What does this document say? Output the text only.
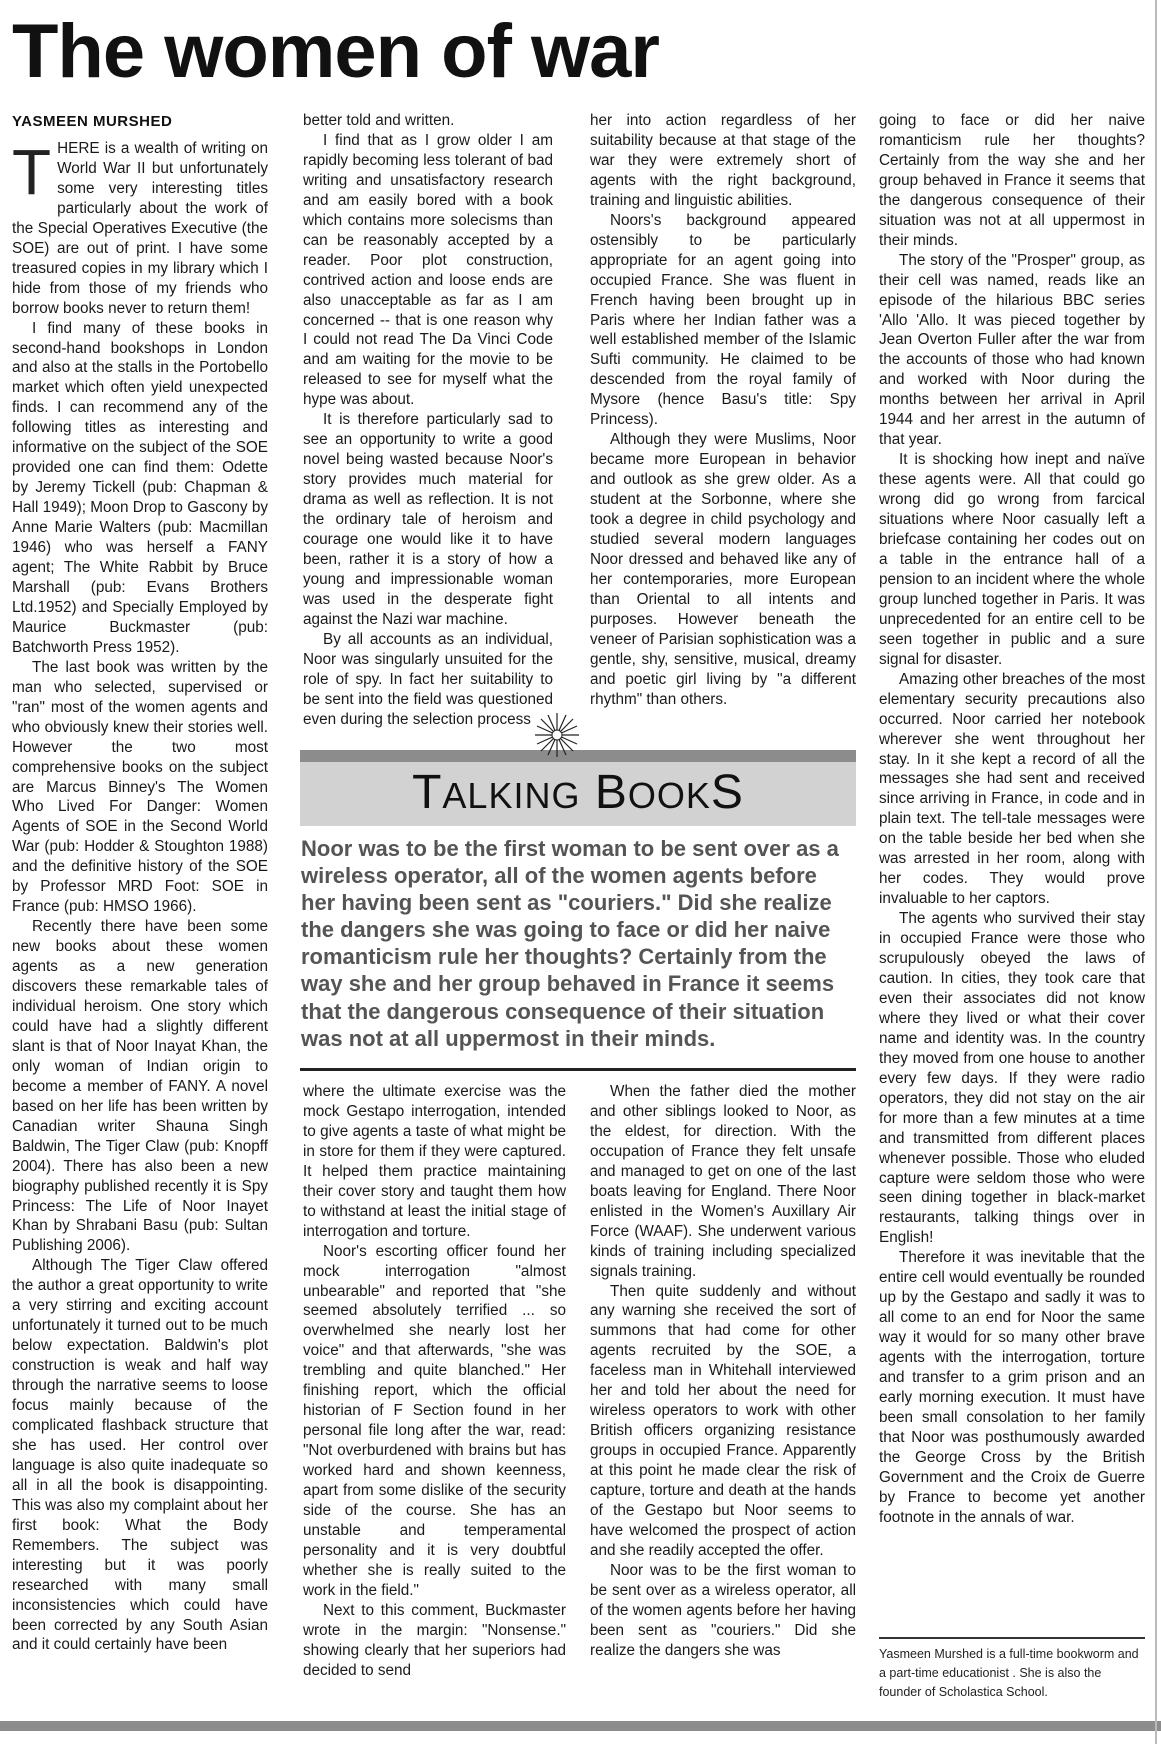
The women of war
YASMEEN MURSHED

THERE is a wealth of writing on World War II but unfortunately some very interesting titles particularly about the work of the Special Operatives Executive (the SOE) are out of print. I have some treasured copies in my library which I hide from those of my friends who borrow books never to return them!

I find many of these books in second-hand bookshops in London and also at the stalls in the Portobello market which often yield unexpected finds. I can recommend any of the following titles as interesting and informative on the subject of the SOE provided one can find them: Odette by Jeremy Tickell (pub: Chapman & Hall 1949); Moon Drop to Gascony by Anne Marie Walters (pub: Macmillan 1946) who was herself a FANY agent; The White Rabbit by Bruce Marshall (pub: Evans Brothers Ltd.1952) and Specially Employed by Maurice Buckmaster (pub: Batchworth Press 1952).

The last book was written by the man who selected, supervised or "ran" most of the women agents and who obviously knew their stories well. However the two most comprehensive books on the subject are Marcus Binney's The Women Who Lived For Danger: Women Agents of SOE in the Second World War (pub: Hodder & Stoughton 1988) and the definitive history of the SOE by Professor MRD Foot: SOE in France (pub: HMSO 1966).

Recently there have been some new books about these women agents as a new generation discovers these remarkable tales of individual heroism. One story which could have had a slightly different slant is that of Noor Inayat Khan, the only woman of Indian origin to become a member of FANY. A novel based on her life has been written by Canadian writer Shauna Singh Baldwin, The Tiger Claw (pub: Knopff 2004). There has also been a new biography published recently it is Spy Princess: The Life of Noor Inayet Khan by Shrabani Basu (pub: Sultan Publishing 2006).

Although The Tiger Claw offered the author a great opportunity to write a very stirring and exciting account unfortunately it turned out to be much below expectation. Baldwin's plot construction is weak and half way through the narrative seems to loose focus mainly because of the complicated flashback structure that she has used. Her control over language is also quite inadequate so all in all the book is disappointing. This was also my complaint about her first book: What the Body Remembers. The subject was interesting but it was poorly researched with many small inconsistencies which could have been corrected by any South Asian and it could certainly have been

better told and written.

I find that as I grow older I am rapidly becoming less tolerant of bad writing and unsatisfactory research and am easily bored with a book which contains more solecisms than can be reasonably accepted by a reader. Poor plot construction, contrived action and loose ends are also unacceptable as far as I am concerned -- that is one reason why I could not read The Da Vinci Code and am waiting for the movie to be released to see for myself what the hype was about.

It is therefore particularly sad to see an opportunity to write a good novel being wasted because Noor's story provides much material for drama as well as reflection. It is not the ordinary tale of heroism and courage one would like it to have been, rather it is a story of how a young and impressionable woman was used in the desperate fight against the Nazi war machine.

By all accounts as an individual, Noor was singularly unsuited for the role of spy. In fact her suitability to be sent into the field was questioned even during the selection process

her into action regardless of her suitability because at that stage of the war they were extremely short of agents with the right background, training and linguistic abilities.

Noors's background appeared ostensibly to be particularly appropriate for an agent going into occupied France. She was fluent in French having been brought up in Paris where her Indian father was a well established member of the Islamic Sufti community. He claimed to be descended from the royal family of Mysore (hence Basu's title: Spy Princess).

Although they were Muslims, Noor became more European in behavior and outlook as she grew older. As a student at the Sorbonne, where she took a degree in child psychology and studied several modern languages Noor dressed and behaved like any of her contemporaries, more European than Oriental to all intents and purposes. However beneath the veneer of Parisian sophistication was a gentle, shy, sensitive, musical, dreamy and poetic girl living by "a different rhythm" than others.

TALKING BOOKS
Noor was to be the first woman to be sent over as a wireless operator, all of the women agents before her having been sent as "couriers." Did she realize the dangers she was going to face or did her naive romanticism rule her thoughts? Certainly from the way she and her group behaved in France it seems that the dangerous consequence of their situation was not at all uppermost in their minds.

where the ultimate exercise was the mock Gestapo interrogation, intended to give agents a taste of what might be in store for them if they were captured. It helped them practice maintaining their cover story and taught them how to withstand at least the initial stage of interrogation and torture.

Noor's escorting officer found her mock interrogation "almost unbearable" and reported that "she seemed absolutely terrified ... so overwhelmed she nearly lost her voice" and that afterwards, "she was trembling and quite blanched." Her finishing report, which the official historian of F Section found in her personal file long after the war, read: "Not overburdened with brains but has worked hard and shown keenness, apart from some dislike of the security side of the course. She has an unstable and temperamental personality and it is very doubtful whether she is really suited to the work in the field."

Next to this comment, Buckmaster wrote in the margin: "Nonsense." showing clearly that her superiors had decided to send

When the father died the mother and other siblings looked to Noor, as the eldest, for direction. With the occupation of France they felt unsafe and managed to get on one of the last boats leaving for England. There Noor enlisted in the Women's Auxillary Air Force (WAAF). She underwent various kinds of training including specialized signals training.

Then quite suddenly and without any warning she received the sort of summons that had come for other agents recruited by the SOE, a faceless man in Whitehall interviewed her and told her about the need for wireless operators to work with other British officers organizing resistance groups in occupied France. Apparently at this point he made clear the risk of capture, torture and death at the hands of the Gestapo but Noor seems to have welcomed the prospect of action and she readily accepted the offer.

Noor was to be the first woman to be sent over as a wireless operator, all of the women agents before her having been sent as "couriers." Did she realize the dangers she was

going to face or did her naive romanticism rule her thoughts? Certainly from the way she and her group behaved in France it seems that the dangerous consequence of their situation was not at all uppermost in their minds.

The story of the "Prosper" group, as their cell was named, reads like an episode of the hilarious BBC series 'Allo 'Allo. It was pieced together by Jean Overton Fuller after the war from the accounts of those who had known and worked with Noor during the months between her arrival in April 1944 and her arrest in the autumn of that year.

It is shocking how inept and naïve these agents were. All that could go wrong did go wrong from farcical situations where Noor casually left a briefcase containing her codes out on a table in the entrance hall of a pension to an incident where the whole group lunched together in Paris. It was unprecedented for an entire cell to be seen together in public and a sure signal for disaster.

Amazing other breaches of the most elementary security precautions also occurred. Noor carried her notebook wherever she went throughout her stay. In it she kept a record of all the messages she had sent and received since arriving in France, in code and in plain text. The tell-tale messages were on the table beside her bed when she was arrested in her room, along with her codes. They would prove invaluable to her captors.

The agents who survived their stay in occupied France were those who scrupulously obeyed the laws of caution. In cities, they took care that even their associates did not know where they lived or what their cover name and identity was. In the country they moved from one house to another every few days. If they were radio operators, they did not stay on the air for more than a few minutes at a time and transmitted from different places whenever possible. Those who eluded capture were seldom those who were seen dining together in black-market restaurants, talking things over in English!

Therefore it was inevitable that the entire cell would eventually be rounded up by the Gestapo and sadly it was to all come to an end for Noor the same way it would for so many other brave agents with the interrogation, torture and transfer to a grim prison and an early morning execution. It must have been small consolation to her family that Noor was posthumously awarded the George Cross by the British Government and the Croix de Guerre by France to become yet another footnote in the annals of war.

Yasmeen Murshed is a full-time bookworm and a part-time educationist . She is also the founder of Scholastica School.
